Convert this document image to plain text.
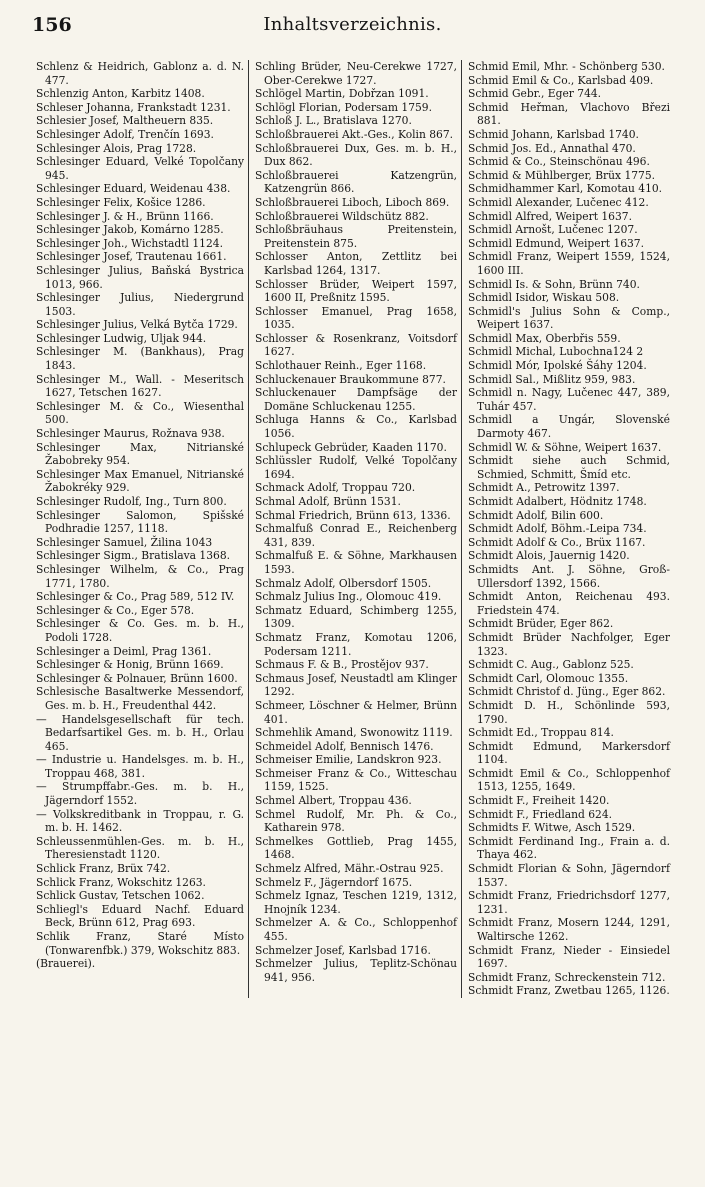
156	Inhaltsverzeichnis.
Schlenz & Heidrich, Gablonz a. d. N. 477.
Schlenzig Anton, Karbitz 1408.
Schleser Johanna, Frankstadt 1231.
Schlesier Josef, Maltheuern 835.
Schlesinger Adolf, Trenčín 1693.
Schlesinger Alois, Prag 1728.
Schlesinger Eduard, Velké Topolčany 945.
Schlesinger Eduard, Weidenau 438.
Schlesinger Felix, Košice 1286.
Schlesinger J. & H., Brünn 1166.
Schlesinger Jakob, Komárno 1285.
Schlesinger Joh., Wichstadtl 1124.
Schlesinger Josef, Trautenau 1661.
Schlesinger Julius, Baňská Bystrica 1013, 966.
Schlesinger Julius, Niedergrund 1503.
Schlesinger Julius, Velká Bytča 1729.
Schlesinger Ludwig, Uljak 944.
Schlesinger M. (Bankhaus), Prag 1843.
Schlesinger M., Wall. - Meseritsch 1627, Tetschen 1627.
Schlesinger M. & Co., Wiesenthal 500.
Schlesinger Maurus, Rožnava 938.
Schlesinger Max, Nitrianské Žabobreky 954.
Schlesinger Max Emanuel, Nitrianské Žabokréky 929.
Schlesinger Rudolf, Ing., Turn 800.
Schlesinger Salomon, Spišské Podhradie 1257, 1118.
Schlesinger Samuel, Žilina 1043
Schlesinger Sigm., Bratislava 1368.
Schlesinger Wilhelm, & Co., Prag 1771, 1780.
Schlesinger & Co., Prag 589, 512 IV.
Schlesinger & Co., Eger 578.
Schlesinger & Co. Ges. m. b. H., Podoli 1728.
Schlesinger a Deiml, Prag 1361.
Schlesinger & Honig, Brünn 1669.
Schlesinger & Polnauer, Brünn 1600.
Schlesische Basaltwerke Messendorf, Ges. m. b. H., Freudenthal 442.
— Handelsgesellschaft für tech. Bedarfsartikel Ges. m. b. H., Orlau 465.
— Industrie u. Handelsges. m. b. H., Troppau 468, 381.
— Strumpffabr.-Ges. m. b. H., Jägerndorf 1552.
— Volkskreditbank in Troppau, r. G. m. b. H. 1462.
Schleussenmühlen-Ges. m. b. H., Theresienstadt 1120.
Schlick Franz, Brüx 742.
Schlick Franz, Wokschitz 1263.
Schlick Gustav, Tetschen 1062.
Schliegl's Eduard Nachf. Eduard Beck, Brünn 612, Prag 693.
Schlik Franz, Staré Místo (Tonwarenfbk.) 379, Wokschitz 883.
(Brauerei).
Schling Brüder, Neu-Cerekwe 1727, Ober-Cerekwe 1727.
Schlögel Martin, Dobřzan 1091.
Schlögl Florian, Podersam 1759.
Schloß J. L., Bratislava 1270.
Schloßbrauerei Akt.-Ges., Kolin 867.
Schloßbrauerei Dux, Ges. m. b. H., Dux 862.
Schloßbrauerei Katzengrün, Katzengrün 866.
Schloßbrauerei Liboch, Liboch 869.
Schloßbrauerei Wildschütz 882.
Schloßbräuhaus Preitenstein, Preitenstein 875.
Schlosser Anton, Zettlitz bei Karlsbad 1264, 1317.
Schlosser Brüder, Weipert 1597, 1600 II, Preßnitz 1595.
Schlosser Emanuel, Prag 1658, 1035.
Schlosser & Rosenkranz, Voitsdorf 1627.
Schlothauer Reinh., Eger 1168.
Schluckenauer Braukommune 877.
Schluckenauer Dampfsäge der Domäne Schluckenau 1255.
Schluga Hanns & Co., Karlsbad 1056.
Schlupeck Gebrüder, Kaaden 1170.
Schlüssler Rudolf, Velké Topolčany 1694.
Schmack Adolf, Troppau 720.
Schmal Adolf, Brünn 1531.
Schmal Friedrich, Brünn 613, 1336.
Schmalfuß Conrad E., Reichenberg 431, 839.
Schmalfuß E. & Söhne, Markhausen 1593.
Schmalz Adolf, Olbersdorf 1505.
Schmalz Julius Ing., Olomouc 419.
Schmatz Eduard, Schimberg 1255, 1309.
Schmatz Franz, Komotau 1206, Podersam 1211.
Schmaus F. & B., Prostějov 937.
Schmaus Josef, Neustadtl am Klinger 1292.
Schmeer, Löschner & Helmer, Brünn 401.
Schmehlik Amand, Swonowitz 1119.
Schmeidel Adolf, Bennisch 1476.
Schmeiser Emilie, Landskron 923.
Schmeiser Franz & Co., Witteschau 1159, 1525.
Schmel Albert, Troppau 436.
Schmel Rudolf, Mr. Ph. & Co., Katharein 978.
Schmelkes Gottlieb, Prag 1455, 1468.
Schmelz Alfred, Mähr.-Ostrau 925.
Schmelz F., Jägerndorf 1675.
Schmelz Ignaz, Teschen 1219, 1312, Hnojník 1234.
Schmelzer A. & Co., Schloppenhof 455.
Schmelzer Josef, Karlsbad 1716.
Schmelzer Julius, Teplitz-Schönau 941, 956.
Schmid Emil, Mhr. - Schönberg 530.
Schmid Emil & Co., Karlsbad 409.
Schmid Gebr., Eger 744.
Schmid Heřman, Vlachovo Březi 881.
Schmid Johann, Karlsbad 1740.
Schmid Jos. Ed., Annathal 470.
Schmid & Co., Steinschönau 496.
Schmid & Mühlberger, Brüx 1775.
Schmidhammer Karl, Komotau 410.
Schmidl Alexander, Lučenec 412.
Schmidl Alfred, Weipert 1637.
Schmidl Arnošt, Lučenec 1207.
Schmidl Edmund, Weipert 1637.
Schmidl Franz, Weipert 1559, 1524, 1600 III.
Schmidl Is. & Sohn, Brünn 740.
Schmidl Isidor, Wiskau 508.
Schmidl's Julius Sohn & Comp., Weipert 1637.
Schmidl Max, Oberbřis 559.
Schmidl Michal, Lubochna124 2
Schmidl Mór, Ipolské Šáhy 1204.
Schmidl Sal., Mißlitz 959, 983.
Schmidl n. Nagy, Lučenec 447, 389, Tuhár 457.
Schmidl a Ungár, Slovenské Darmoty 467.
Schmidl W. & Söhne, Weipert 1637.
Schmidt siehe auch Schmid, Schmied, Schmitt, Šmíd etc.
Schmidt A., Petrowitz 1397.
Schmidt Adalbert, Hödnitz 1748.
Schmidt Adolf, Bilin 600.
Schmidt Adolf, Böhm.-Leipa 734.
Schmidt Adolf & Co., Brüx 1167.
Schmidt Alois, Jauernig 1420.
Schmidts Ant. J. Söhne, Groß-Ullersdorf 1392, 1566.
Schmidt Anton, Reichenau 493. Friedstein 474.
Schmidt Brüder, Eger 862.
Schmidt Brüder Nachfolger, Eger 1323.
Schmidt C. Aug., Gablonz 525.
Schmidt Carl, Olomouc 1355.
Schmidt Christof d. Jüng., Eger 862.
Schmidt D. H., Schönlinde 593, 1790.
Schmidt Ed., Troppau 814.
Schmidt Edmund, Markersdorf 1104.
Schmidt Emil & Co., Schloppenhof 1513, 1255, 1649.
Schmidt F., Freiheit 1420.
Schmidt F., Friedland 624.
Schmidts F. Witwe, Asch 1529.
Schmidt Ferdinand Ing., Frain a. d. Thaya 462.
Schmidt Florian & Sohn, Jägerndorf 1537.
Schmidt Franz, Friedrichsdorf 1277, 1231.
Schmidt Franz, Mosern 1244, 1291, Waltirsche 1262.
Schmidt Franz, Nieder - Einsiedel 1697.
Schmidt Franz, Schreckenstein 712.
Schmidt Franz, Zwetbau 1265, 1126.
